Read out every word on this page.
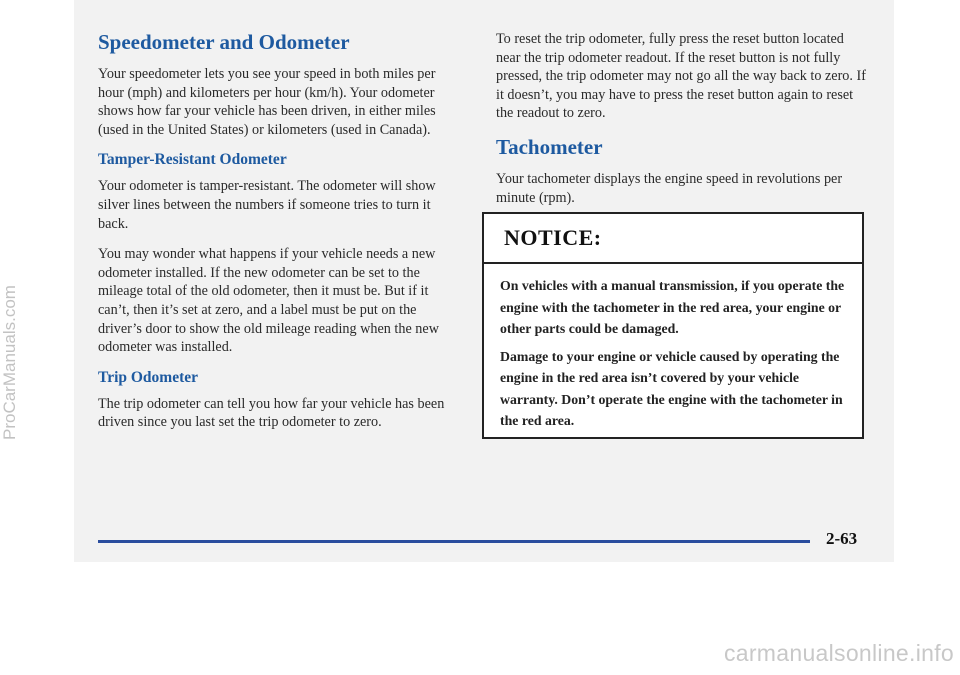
Speedometer and Odometer

Your speedometer lets you see your speed in both miles per hour (mph) and kilometers per hour (km/h). Your odometer shows how far your vehicle has been driven, in either miles (used in the United States) or kilometers (used in Canada).

Tamper-Resistant Odometer

Your odometer is tamper-resistant. The odometer will show silver lines between the numbers if someone tries to turn it back.

You may wonder what happens if your vehicle needs a new odometer installed. If the new odometer can be set to the mileage total of the old odometer, then it must be. But if it can’t, then it’s set at zero, and a label must be put on the driver’s door to show the old mileage reading when the new odometer was installed.

Trip Odometer

The trip odometer can tell you how far your vehicle has been driven since you last set the trip odometer to zero.

To reset the trip odometer, fully press the reset button located near the trip odometer readout. If the reset button is not fully pressed, the trip odometer may not go all the way back to zero. If it doesn’t, you may have to press the reset button again to reset the readout to zero.

Tachometer

Your tachometer displays the engine speed in revolutions per minute (rpm).

NOTICE:

On vehicles with a manual transmission, if you operate the engine with the tachometer in the red area, your engine or other parts could be damaged.

Damage to your engine or vehicle caused by operating the engine in the red area isn’t covered by your vehicle warranty. Don’t operate the engine with the tachometer in the red area.

2-63
ProCarManuals.com
carmanualsonline.info
